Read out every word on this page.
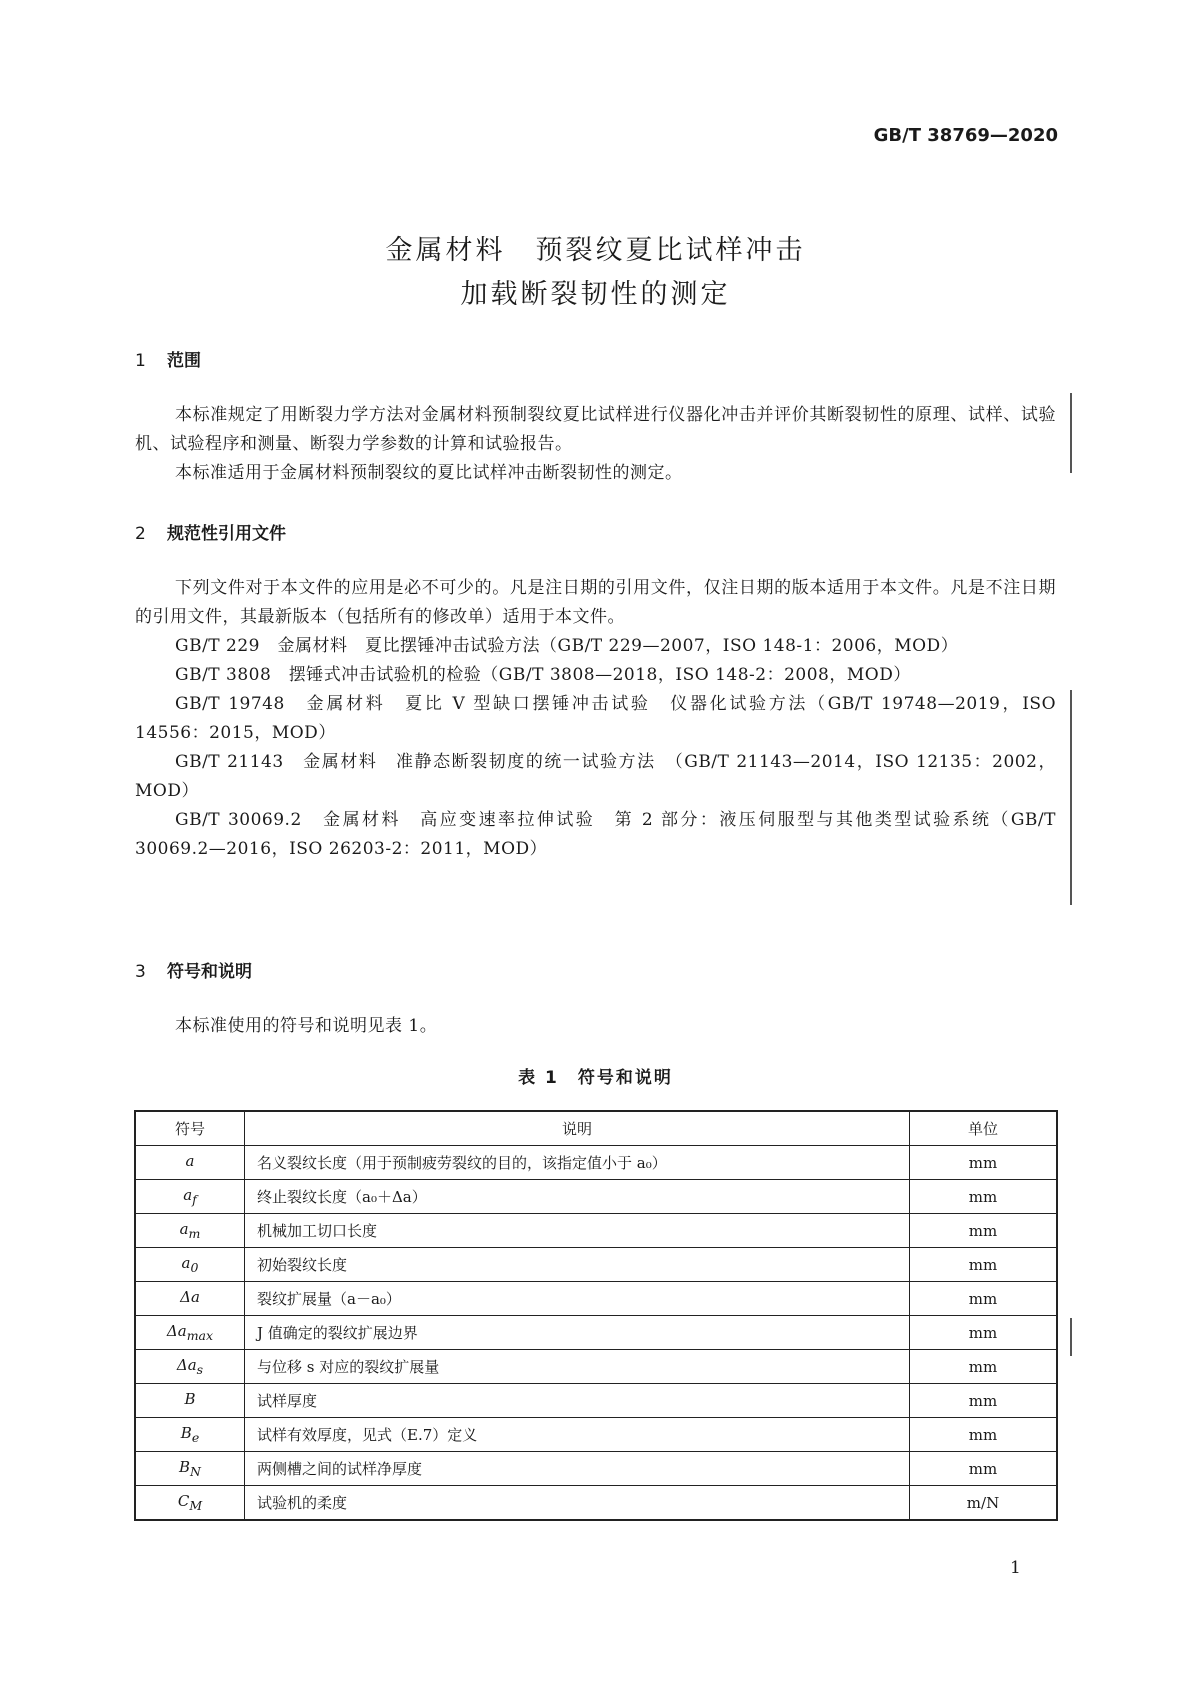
GB/T 38769—2020
金属材料　预裂纹夏比试样冲击
加载断裂韧性的测定
1 范围

本标准规定了用断裂力学方法对金属材料预制裂纹夏比试样进行仪器化冲击并评价其断裂韧性的原理、试样、试验机、试验程序和测量、断裂力学参数的计算和试验报告。

本标准适用于金属材料预制裂纹的夏比试样冲击断裂韧性的测定。

2 规范性引用文件

下列文件对于本文件的应用是必不可少的。凡是注日期的引用文件，仅注日期的版本适用于本文件。凡是不注日期的引用文件，其最新版本（包括所有的修改单）适用于本文件。

GB/T 229　金属材料　夏比摆锤冲击试验方法（GB/T 229—2007，ISO 148-1：2006，MOD）

GB/T 3808　摆锤式冲击试验机的检验（GB/T 3808—2018，ISO 148-2：2008，MOD）

GB/T 19748　金属材料　夏比 V 型缺口摆锤冲击试验　仪器化试验方法（GB/T 19748—2019，ISO 14556：2015，MOD）

GB/T 21143　金属材料　准静态断裂韧度的统一试验方法　（GB/T 21143—2014，ISO 12135：2002，MOD）

GB/T 30069.2　金属材料　高应变速率拉伸试验　第 2 部分：液压伺服型与其他类型试验系统（GB/T 30069.2—2016，ISO 26203-2：2011，MOD）

3 符号和说明

本标准使用的符号和说明见表 1。

表 1　符号和说明
符号	说明	单位
a	名义裂纹长度（用于预制疲劳裂纹的目的，该指定值小于 a₀）	mm
$a_f$	终止裂纹长度（a₀＋Δa）	mm
$a_m$	机械加工切口长度	mm
$a_0$	初始裂纹长度	mm
Δa	裂纹扩展量（a－a₀）	mm
$\Delta a_{max}$	J 值确定的裂纹扩展边界	mm
$\Delta a_s$	与位移 s 对应的裂纹扩展量	mm
B	试样厚度	mm
$B_e$	试样有效厚度，见式（E.7）定义	mm
$B_N$	两侧槽之间的试样净厚度	mm
$C_M$	试验机的柔度	m/N
1
